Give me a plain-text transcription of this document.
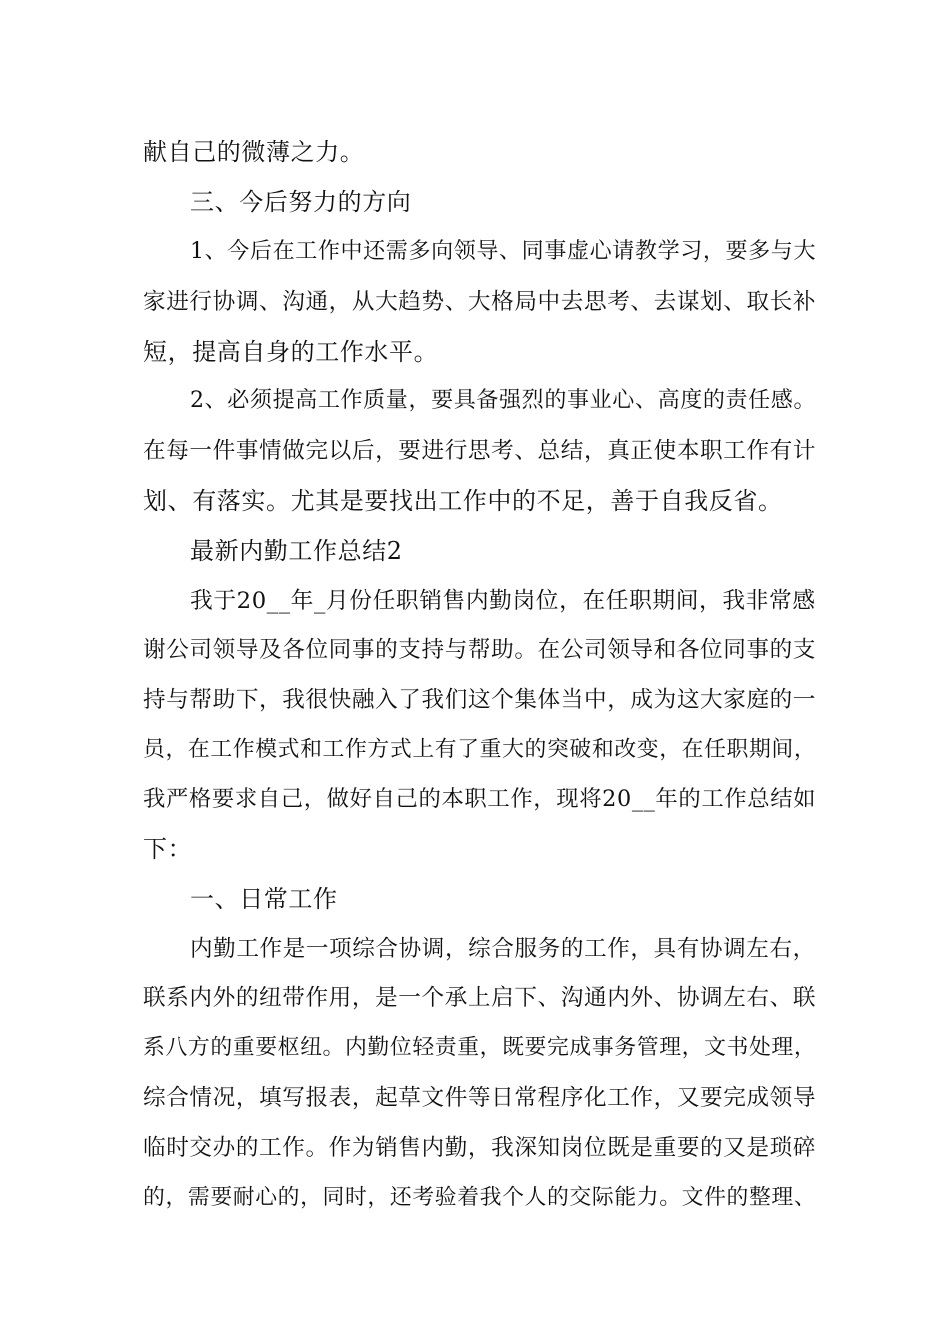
献自己的微薄之力。
三、今后努力的方向
1、今后在工作中还需多向领导、同事虚心请教学习，要多与大
家进行协调、沟通，从大趋势、大格局中去思考、去谋划、取长补
短，提高自身的工作水平。
2、必须提高工作质量，要具备强烈的事业心、高度的责任感。
在每一件事情做完以后，要进行思考、总结，真正使本职工作有计
划、有落实。尤其是要找出工作中的不足，善于自我反省。
最新内勤工作总结2
我于20__年_月份任职销售内勤岗位，在任职期间，我非常感
谢公司领导及各位同事的支持与帮助。在公司领导和各位同事的支
持与帮助下，我很快融入了我们这个集体当中，成为这大家庭的一
员，在工作模式和工作方式上有了重大的突破和改变，在任职期间，
我严格要求自己，做好自己的本职工作，现将20__年的工作总结如
下：
一、日常工作
内勤工作是一项综合协调，综合服务的工作，具有协调左右，
联系内外的纽带作用，是一个承上启下、沟通内外、协调左右、联
系八方的重要枢纽。内勤位轻责重，既要完成事务管理，文书处理，
综合情况，填写报表，起草文件等日常程序化工作，又要完成领导
临时交办的工作。作为销售内勤，我深知岗位既是重要的又是琐碎
的，需要耐心的，同时，还考验着我个人的交际能力。文件的整理、
